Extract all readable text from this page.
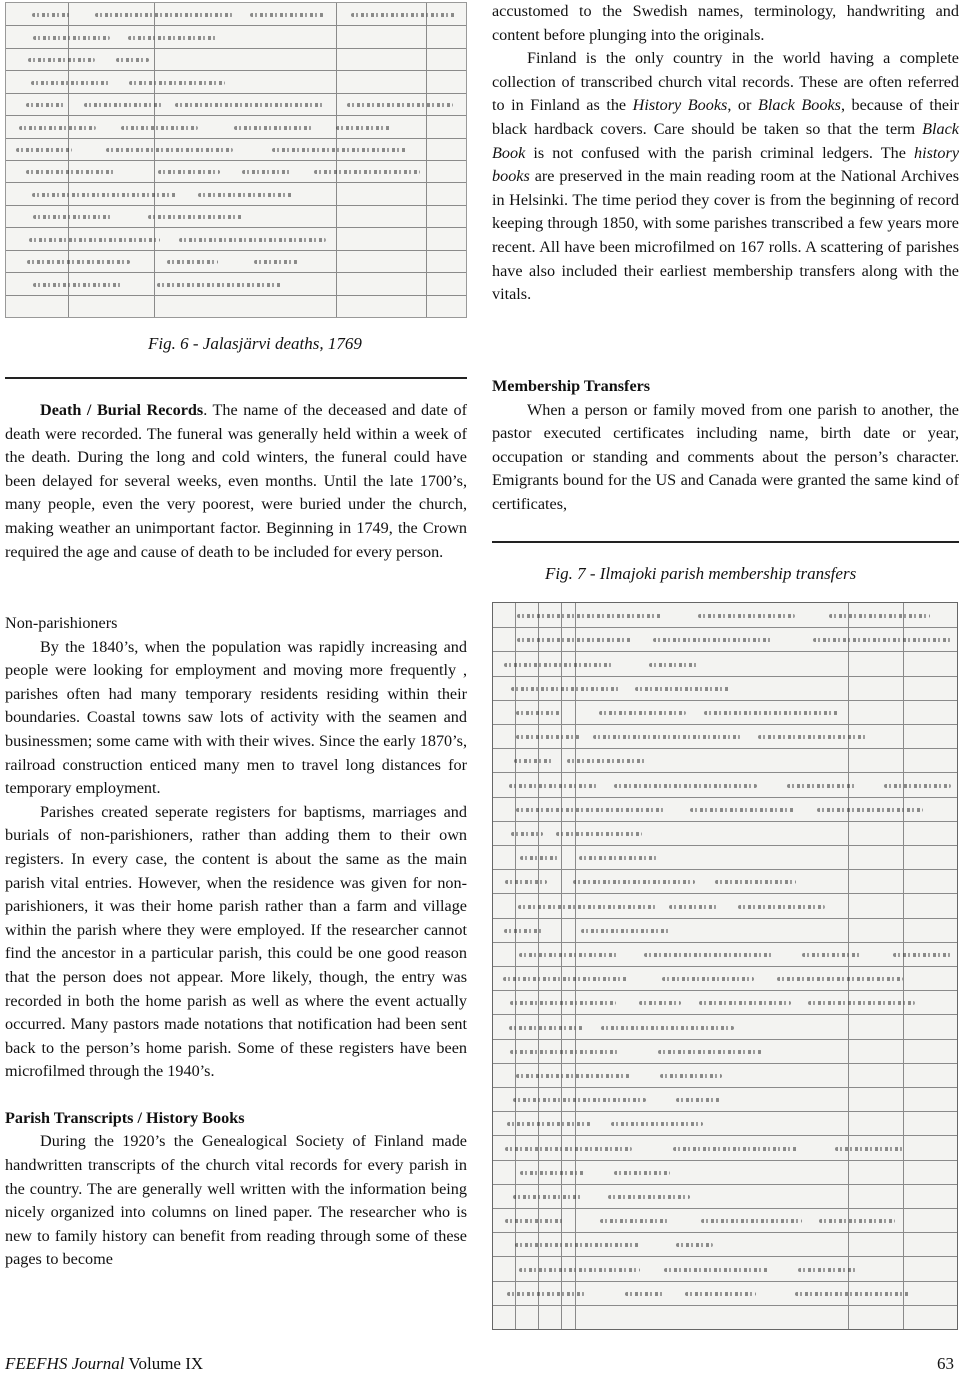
Fig. 6 - Jalasjärvi deaths, 1769

Death / Burial Records. The name of the deceased and date of death were recorded. The funeral was generally held within a week of the death. During the long and cold winters, the funeral could have been delayed for several weeks, even months. Until the late 1700’s, many people, even the very poorest, were buried under the church, making weather an unimportant factor. Beginning in 1749, the Crown required the age and cause of death to be included for every person.

Non-parishioners

By the 1840’s, when the population was rapidly increasing and people were looking for employment and moving more frequently , parishes often had many temporary residents residing within their boundaries. Coastal towns saw lots of activity with the seamen and businessmen; some came with with their wives. Since the early 1870’s, railroad construction enticed many men to travel long distances for temporary employment.

Parishes created seperate registers for baptisms, marriages and burials of non-parishioners, rather than adding them to their own registers. In every case, the content is about the same as the main parish vital entries. However, when the residence was given for non-parishioners, it was their home parish rather than a farm and village within the parish where they were employed. If the researcher cannot find the ancestor in a particular parish, this could be one good reason that the person does not appear. More likely, though, the entry was recorded in both the home parish as well as where the event actually occurred. Many pastors made notations that notification had been sent back to the person’s home parish. Some of these registers have been microfilmed through the 1940’s.

Parish Transcripts / History Books

During the 1920’s the Genealogical Society of Finland made handwritten transcripts of the church vital records for every parish in the country. The are generally well written with the information being nicely organized into columns on lined paper. The researcher who is new to family history can benefit from reading through some of these pages to become

accustomed to the Swedish names, terminology, handwriting and content before plunging into the originals.

Finland is the only country in the world having a complete collection of transcribed church vital records. These are often referred to in Finland as the History Books, or Black Books, because of their black hardback covers. Care should be taken so that the term Black Book is not confused with the parish criminal ledgers. The history books are preserved in the main reading room at the National Archives in Helsinki. The time period they cover is from the beginning of record keeping through 1850, with some parishes transcribed a few years more recent. All have been microfilmed on 167 rolls. A scattering of parishes have also included their earliest membership transfers along with the vitals.

Membership Transfers

When a person or family moved from one parish to another, the pastor executed certificates including name, birth date or year, occupation or standing and comments about the person’s character. Emigrants bound for the US and Canada were granted the same kind of certificates,

Fig. 7 - Ilmajoki parish membership transfers
FEEFHS Journal Volume IX	63
